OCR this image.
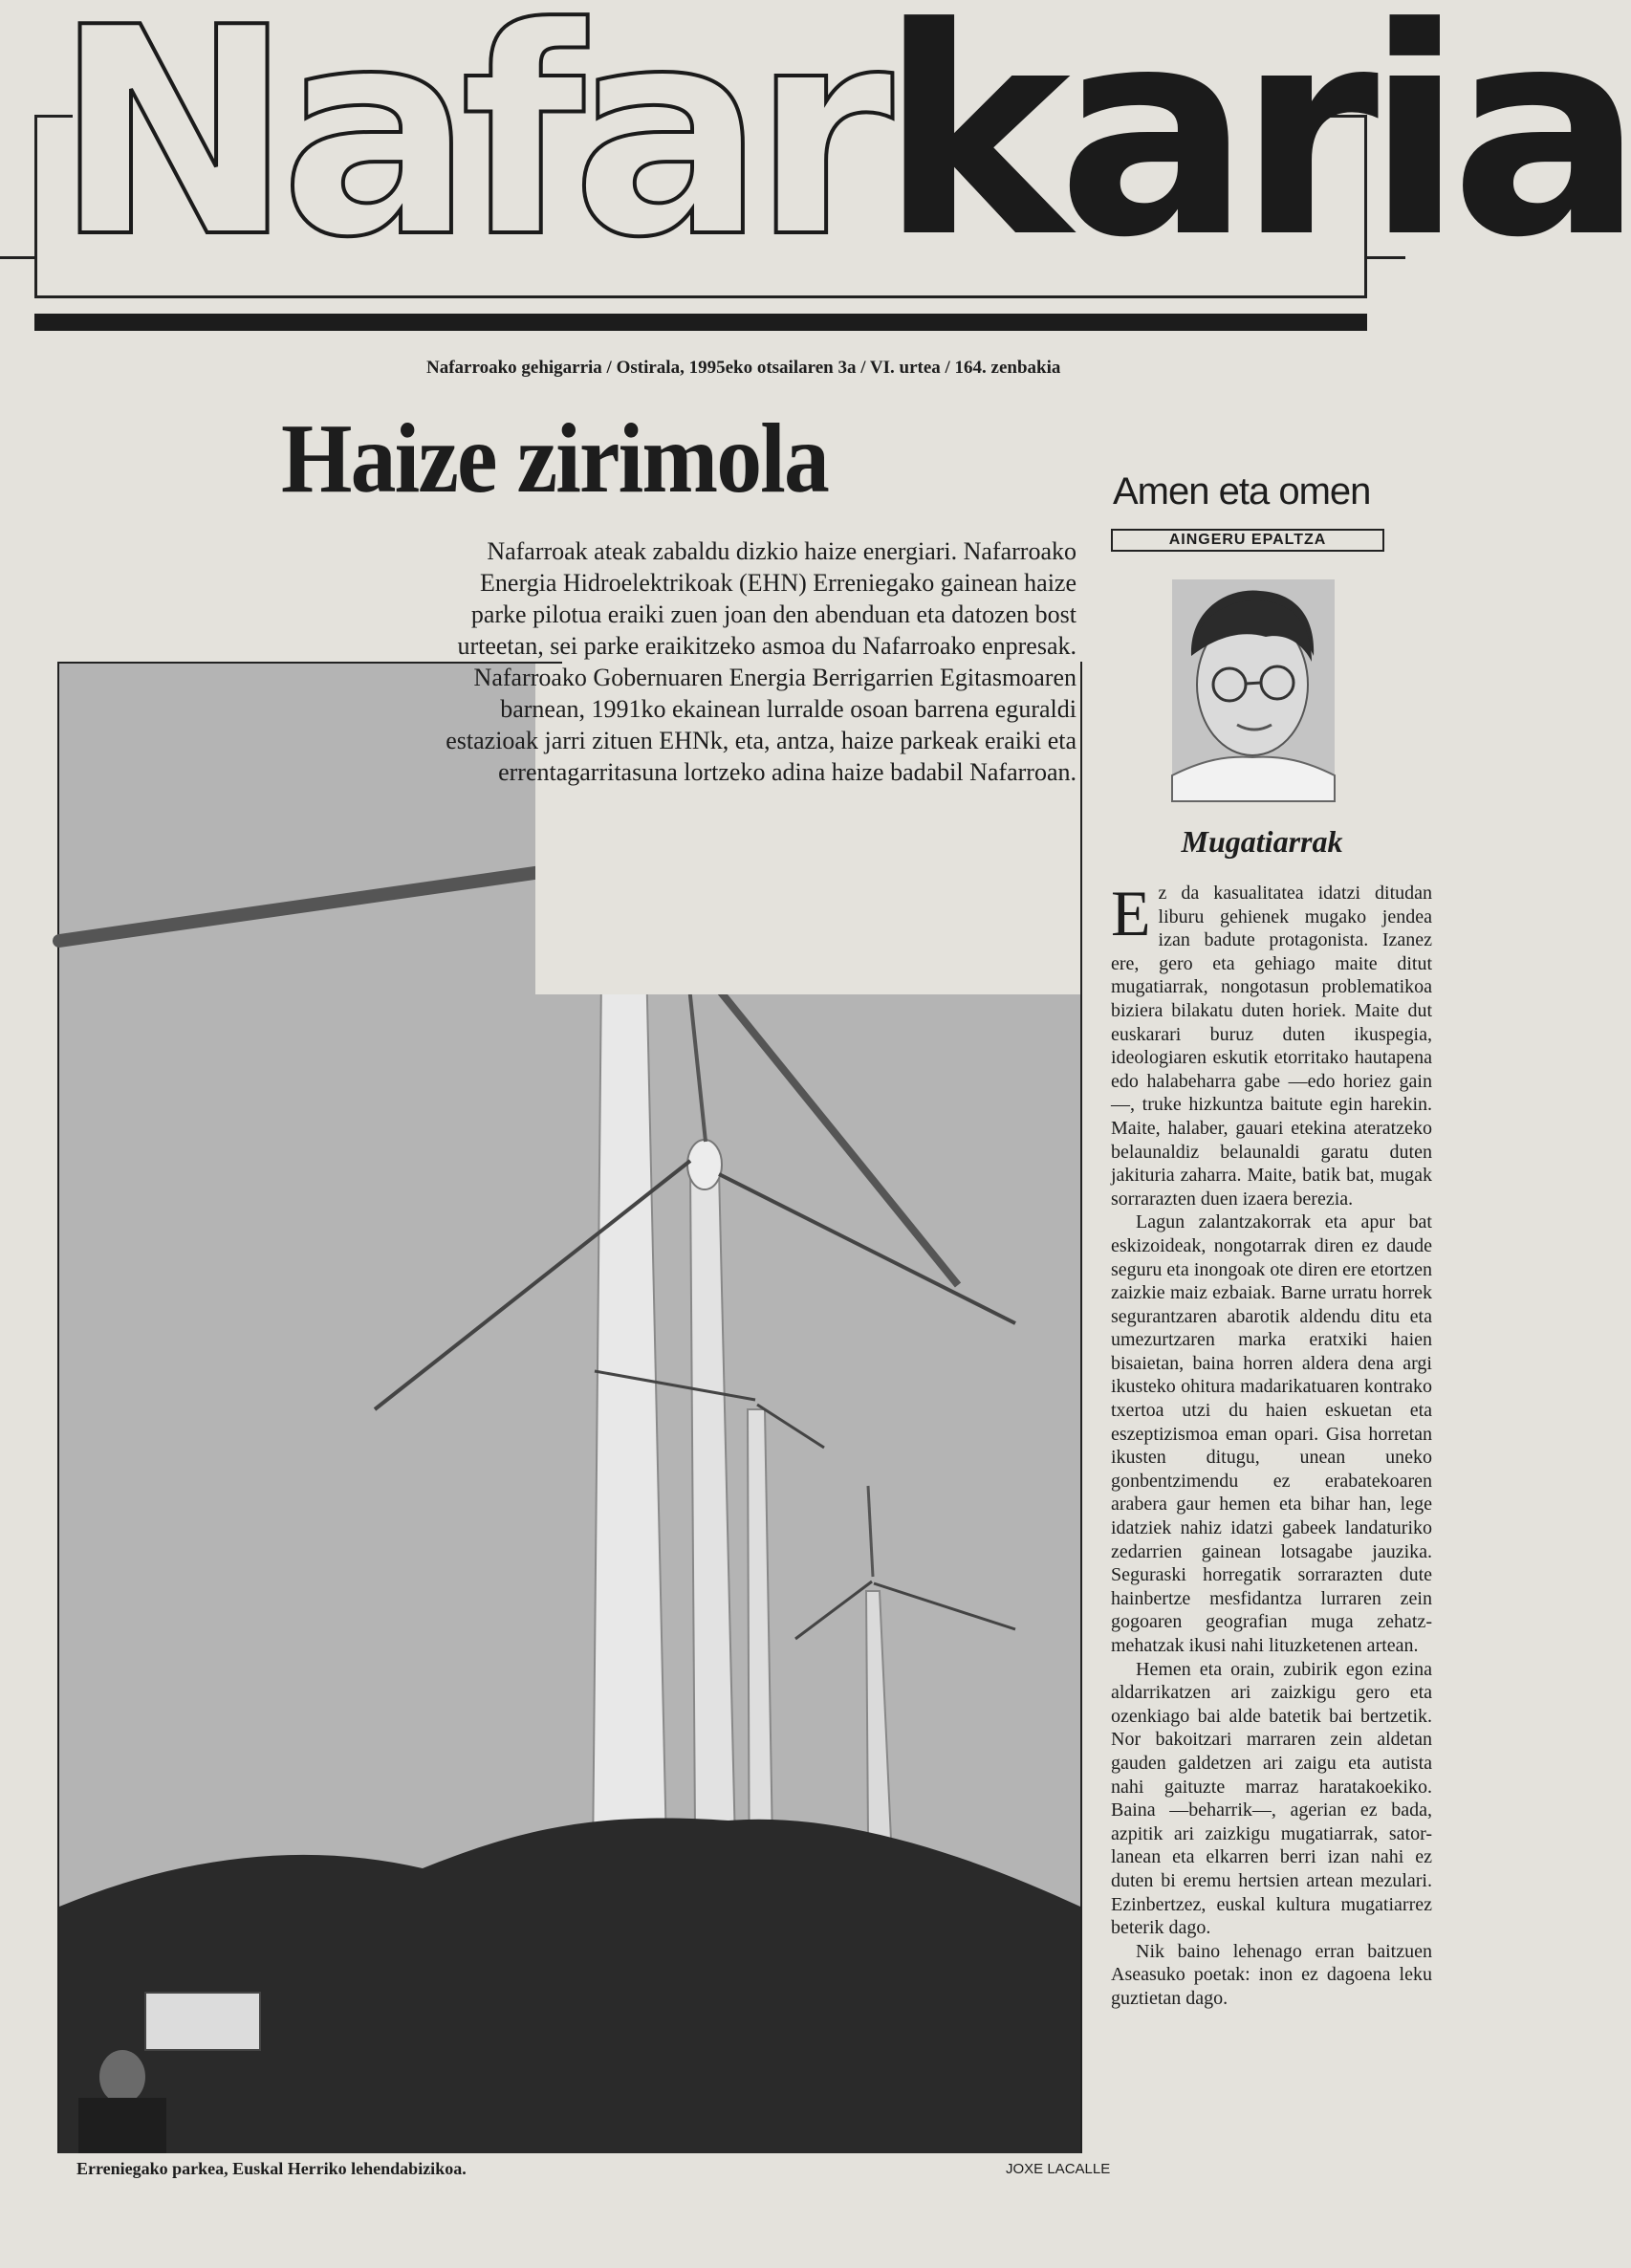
Nafarkaria
Nafarroako gehigarria / Ostirala, 1995eko otsailaren 3a / VI. urtea / 164. zenbakia
Haize zirimola
Nafarroak ateak zabaldu dizkio haize energiari. Nafarroako Energia Hidroelektrikoak (EHN) Erreniegako gainean haize parke pilotua eraiki zuen joan den abenduan eta datozen bost urteetan, sei parke eraikitzeko asmoa du Nafarroako enpresak. Nafarroako Gobernuaren Energia Berrigarrien Egitasmoaren barnean, 1991ko ekainean lurralde osoan barrena eguraldi estazioak jarri zituen EHNk, eta, antza, haize parkeak eraiki eta errentagarritasuna lortzeko adina haize badabil Nafarroan.
Erreniegako parkea, Euskal Herriko lehendabizikoa.	JOXE LACALLE
Amen eta omen
AINGERU EPALTZA
Mugatiarrak

Ez da kasualitatea idatzi ditudan liburu gehienek mugako jendea izan badute protagonista. Izanez ere, gero eta gehiago maite ditut mugatiarrak, nongotasun problematikoa biziera bilakatu duten horiek. Maite dut euskarari buruz duten ikuspegia, ideologiaren eskutik etorritako hautapena edo halabeharra gabe —edo horiez gain—, truke hizkuntza baitute egin harekin. Maite, halaber, gauari etekina ateratzeko belaunaldiz belaunaldi garatu duten jakituria zaharra. Maite, batik bat, mugak sorrarazten duen izaera berezia.

Lagun zalantzakorrak eta apur bat eskizoideak, nongotarrak diren ez daude seguru eta inongoak ote diren ere etortzen zaizkie maiz ezbaiak. Barne urratu horrek segurantzaren abarotik aldendu ditu eta umezurtzaren marka eratxiki haien bisaietan, baina horren aldera dena argi ikusteko ohitura madarikatuaren kontrako txertoa utzi du haien eskuetan eta eszeptizismoa eman opari. Gisa horretan ikusten ditugu, unean uneko gonbentzimendu ez erabatekoaren arabera gaur hemen eta bihar han, lege idatziek nahiz idatzi gabeek landaturiko zedarrien gainean lotsagabe jauzika. Seguraski horregatik sorrarazten dute hainbertze mesfidantza lurraren zein gogoaren geografian muga zehatz-mehatzak ikusi nahi lituzketenen artean.

Hemen eta orain, zubirik egon ezina aldarrikatzen ari zaizkigu gero eta ozenkiago bai alde batetik bai bertzetik. Nor bakoitzari marraren zein aldetan gauden galdetzen ari zaigu eta autista nahi gaituzte marraz haratakoekiko. Baina —beharrik—, agerian ez bada, azpitik ari zaizkigu mugatiarrak, sator-lanean eta elkarren berri izan nahi ez duten bi eremu hertsien artean mezulari. Ezinbertzez, euskal kultura mugatiarrez beterik dago.

Nik baino lehenago erran baitzuen Aseasuko poetak: inon ez dagoena leku guztietan dago.
